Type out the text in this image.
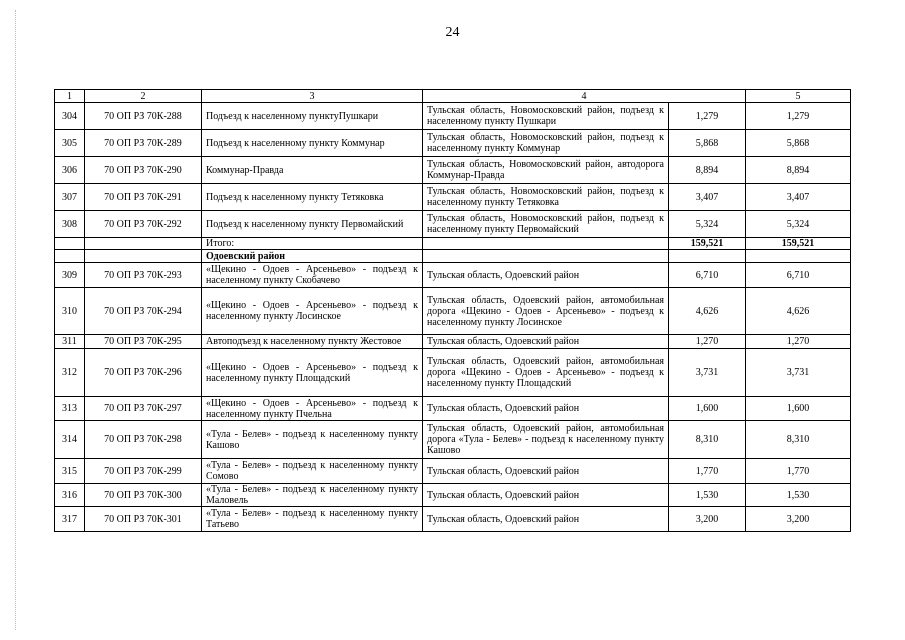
24
1	2	3	4		5
304	70 ОП РЗ 70К-288	Подъезд к населенному пунктуПушкари	Тульская область, Новомосковский район, подъезд к населенному пункту Пушкари	1,279	1,279
305	70 ОП РЗ 70К-289	Подъезд к населенному пункту Коммунар	Тульская область, Новомосковский район, подъезд к населенному пункту Коммунар	5,868	5,868
306	70 ОП РЗ 70К-290	Коммунар-Правда	Тульская область, Новомосковский район, автодорога Коммунар-Правда	8,894	8,894
307	70 ОП РЗ 70К-291	Подъезд к населенному пункту Тетяковка	Тульская область, Новомосковский район, подъезд к населенному пункту Тетяковка	3,407	3,407
308	70 ОП РЗ 70К-292	Подъезд к населенному пункту Первомайский	Тульская область, Новомосковский район, подъезд к населенному пункту Первомайский	5,324	5,324
		Итого:		159,521	159,521
		Одоевский район			
309	70 ОП РЗ 70К-293	«Щекино - Одоев - Арсеньево» - подъезд к населенному пункту Скобачево	Тульская область, Одоевский район	6,710	6,710
310	70 ОП РЗ 70К-294	«Щекино - Одоев - Арсеньево» - подъезд к населенному пункту Лосинское	Тульская область, Одоевский район, автомобильная дорога «Щекино - Одоев - Арсеньево» - подъезд к населенному пункту Лосинское	4,626	4,626
311	70 ОП РЗ 70К-295	Автоподъезд к населенному пункту Жестовое	Тульская область, Одоевский район	1,270	1,270
312	70 ОП РЗ 70К-296	«Щекино - Одоев - Арсеньево» - подъезд к населенному пункту Площадский	Тульская область, Одоевский район, автомобильная дорога «Щекино - Одоев - Арсеньево» - подъезд к населенному пункту Площадский	3,731	3,731
313	70 ОП РЗ 70К-297	«Щекино - Одоев - Арсеньево» - подъезд к населенному пункту Пчельна	Тульская область, Одоевский район	1,600	1,600
314	70 ОП РЗ 70К-298	«Тула - Белев» - подъезд к населенному пункту Кашово	Тульская область, Одоевский район, автомобильная дорога «Тула - Белев» - подъезд к населенному пункту Кашово	8,310	8,310
315	70 ОП РЗ 70К-299	«Тула - Белев» - подъезд к населенному пункту Сомово	Тульская область, Одоевский район	1,770	1,770
316	70 ОП РЗ 70К-300	«Тула - Белев» - подъезд к населенному пункту Маловель	Тульская область, Одоевский район	1,530	1,530
317	70 ОП РЗ 70К-301	«Тула - Белев» - подъезд к населенному пункту Татьево	Тульская область, Одоевский район	3,200	3,200
